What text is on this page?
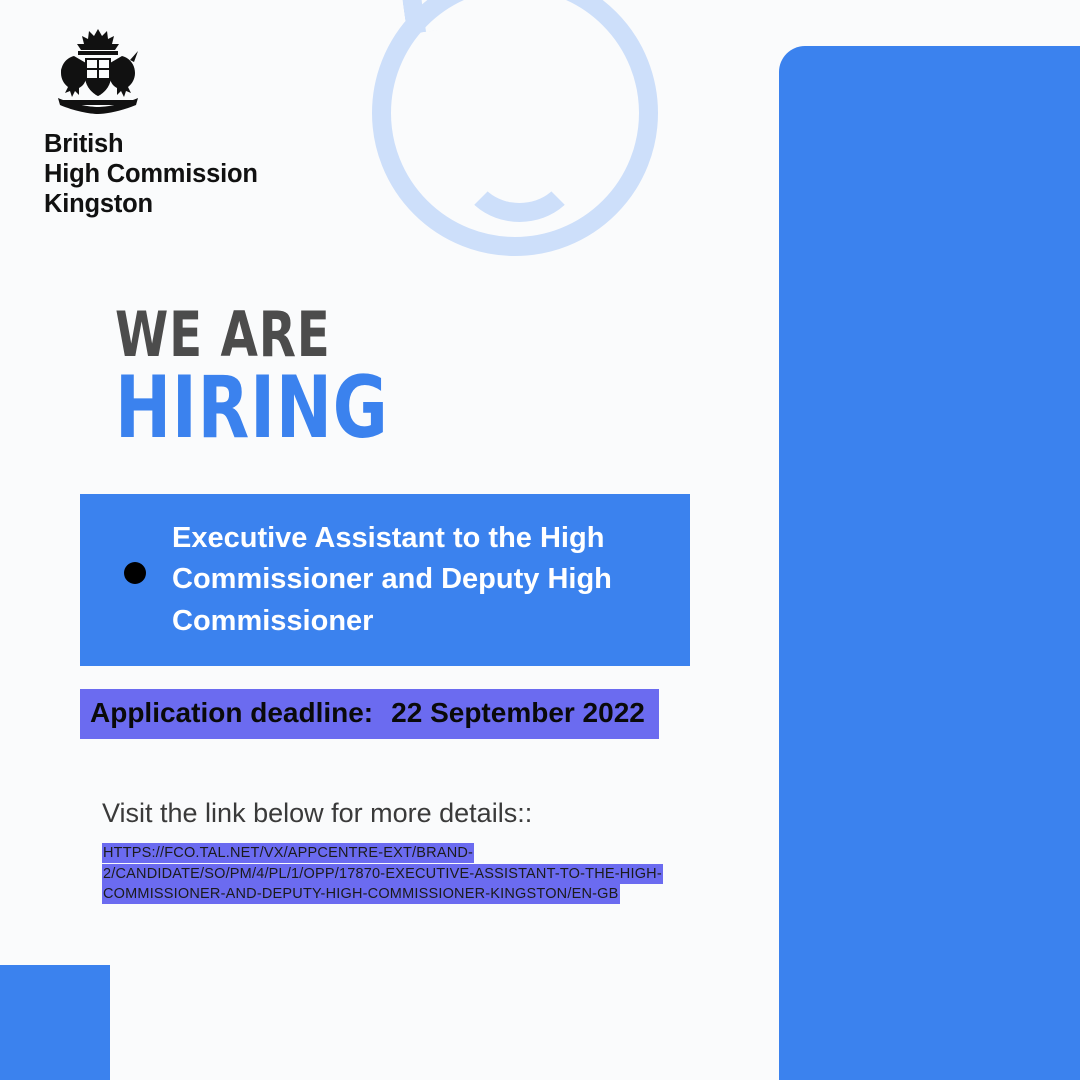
British
High Commission
Kingston
WE ARE
HIRING
Executive Assistant to the High Commissioner and Deputy High Commissioner
Application deadline: 22 September 2022
Visit the link below for more details::
HTTPS://FCO.TAL.NET/VX/APPCENTRE-EXT/BRAND-2/CANDIDATE/SO/PM/4/PL/1/OPP/17870-EXECUTIVE-ASSISTANT-TO-THE-HIGH-COMMISSIONER-AND-DEPUTY-HIGH-COMMISSIONER-KINGSTON/EN-GB
